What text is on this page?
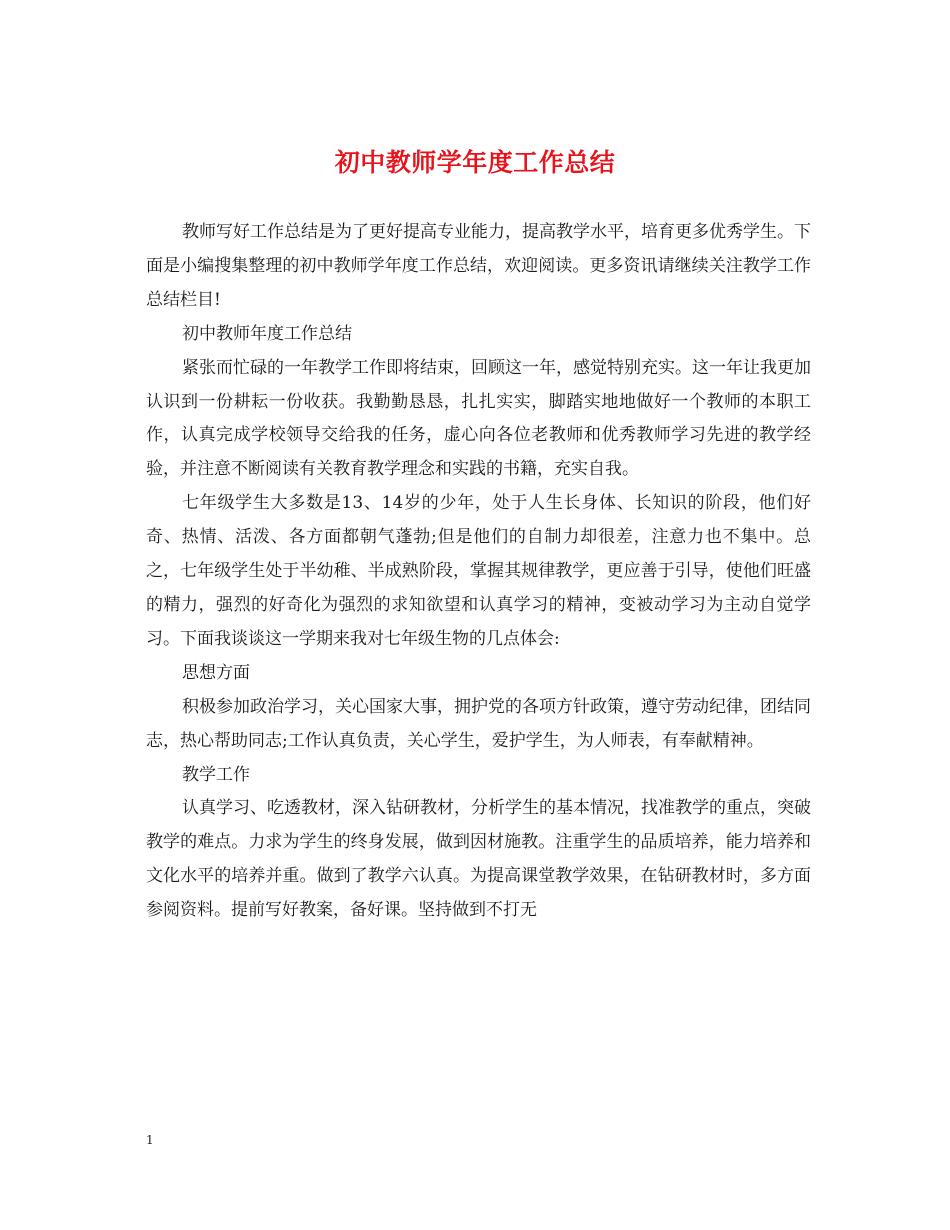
初中教师学年度工作总结

教师写好工作总结是为了更好提高专业能力，提高教学水平，培育更多优秀学生。下面是小编搜集整理的初中教师学年度工作总结，欢迎阅读。更多资讯请继续关注教学工作总结栏目!

初中教师年度工作总结

紧张而忙碌的一年教学工作即将结束，回顾这一年，感觉特别充实。这一年让我更加认识到一份耕耘一份收获。我勤勤恳恳，扎扎实实，脚踏实地地做好一个教师的本职工作，认真完成学校领导交给我的任务，虚心向各位老教师和优秀教师学习先进的教学经验，并注意不断阅读有关教育教学理念和实践的书籍，充实自我。

七年级学生大多数是13、14岁的少年，处于人生长身体、长知识的阶段，他们好奇、热情、活泼、各方面都朝气蓬勃;但是他们的自制力却很差，注意力也不集中。总之，七年级学生处于半幼稚、半成熟阶段，掌握其规律教学，更应善于引导，使他们旺盛的精力，强烈的好奇化为强烈的求知欲望和认真学习的精神，变被动学习为主动自觉学习。下面我谈谈这一学期来我对七年级生物的几点体会:

思想方面

积极参加政治学习，关心国家大事，拥护党的各项方针政策，遵守劳动纪律，团结同志，热心帮助同志;工作认真负责，关心学生，爱护学生，为人师表，有奉献精神。

教学工作

认真学习、吃透教材，深入钻研教材，分析学生的基本情况，找准教学的重点，突破教学的难点。力求为学生的终身发展，做到因材施教。注重学生的品质培养，能力培养和文化水平的培养并重。做到了教学六认真。为提高课堂教学效果，在钻研教材时，多方面参阅资料。提前写好教案，备好课。坚持做到不打无

1
